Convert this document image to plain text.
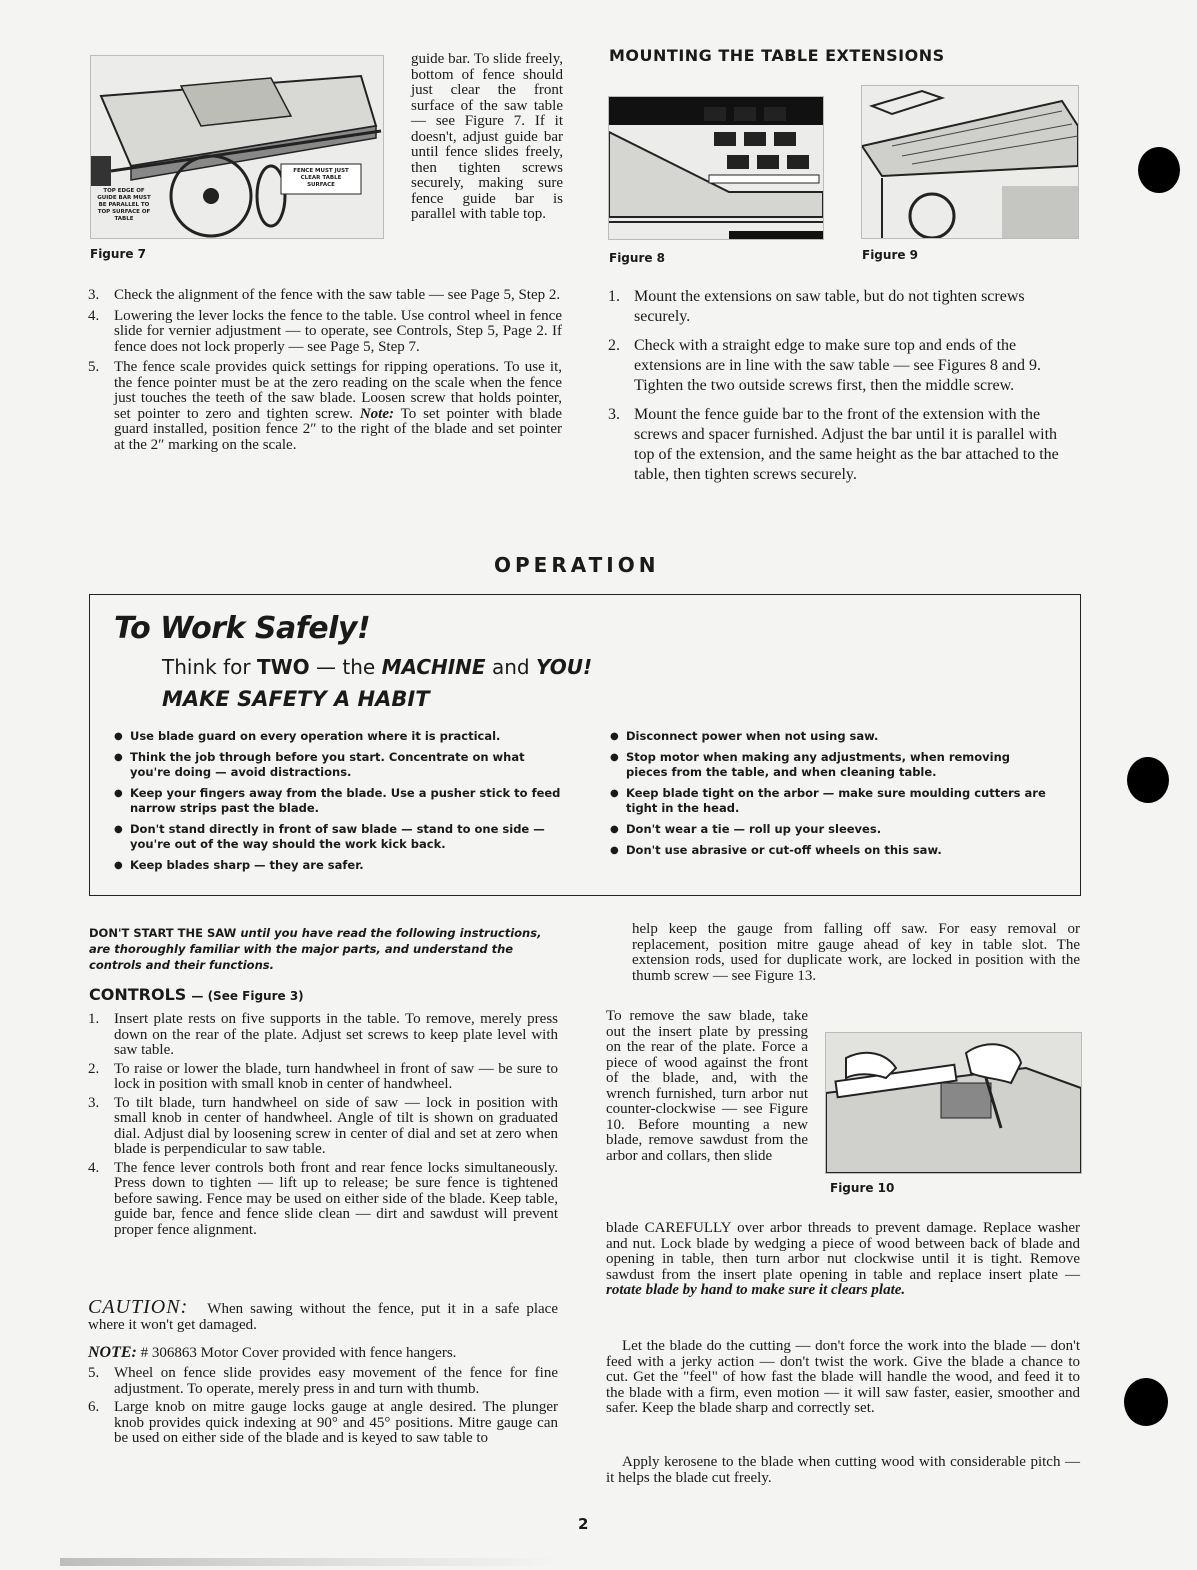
TOP EDGE OF GUIDE BAR MUST BE PARALLEL TO TOP SURFACE OF TABLE
FENCE MUST JUST CLEAR TABLE SURFACE
Figure 7
guide bar. To slide freely, bottom of fence should just clear the front surface of the saw table — see Figure 7. If it doesn't, adjust guide bar until fence slides freely, then tighten screws securely, making sure fence guide bar is parallel with table top.
3. Check the alignment of the fence with the saw table — see Page 5, Step 2.
4. Lowering the lever locks the fence to the table. Use control wheel in fence slide for vernier adjustment — to operate, see Controls, Step 5, Page 2. If fence does not lock properly — see Page 5, Step 7.
5. The fence scale provides quick settings for ripping operations. To use it, the fence pointer must be at the zero reading on the scale when the fence just touches the teeth of the saw blade. Loosen screw that holds pointer, set pointer to zero and tighten screw. Note: To set pointer with blade guard installed, position fence 2″ to the right of the blade and set pointer at the 2″ marking on the scale.
MOUNTING THE TABLE EXTENSIONS
Figure 8	Figure 9
1. Mount the extensions on saw table, but do not tighten screws securely.
2. Check with a straight edge to make sure top and ends of the extensions are in line with the saw table — see Figures 8 and 9. Tighten the two outside screws first, then the middle screw.
3. Mount the fence guide bar to the front of the extension with the screws and spacer furnished. Adjust the bar until it is parallel with top of the extension, and the same height as the bar attached to the table, then tighten screws securely.
OPERATION
To Work Safely!
Think for TWO — the MACHINE and YOU!
MAKE SAFETY A HABIT
● Use blade guard on every operation where it is practical.
● Think the job through before you start. Concentrate on what you're doing — avoid distractions.
● Keep your fingers away from the blade. Use a pusher stick to feed narrow strips past the blade.
● Don't stand directly in front of saw blade — stand to one side — you're out of the way should the work kick back.
● Keep blades sharp — they are safer.
● Disconnect power when not using saw.
● Stop motor when making any adjustments, when removing pieces from the table, and when cleaning table.
● Keep blade tight on the arbor — make sure moulding cutters are tight in the head.
● Don't wear a tie — roll up your sleeves.
● Don't use abrasive or cut-off wheels on this saw.
DON'T START THE SAW until you have read the following instructions, are thoroughly familiar with the major parts, and understand the controls and their functions.
CONTROLS — (See Figure 3)
1. Insert plate rests on five supports in the table. To remove, merely press down on the rear of the plate. Adjust set screws to keep plate level with saw table.
2. To raise or lower the blade, turn handwheel in front of saw — be sure to lock in position with small knob in center of handwheel.
3. To tilt blade, turn handwheel on side of saw — lock in position with small knob in center of handwheel. Angle of tilt is shown on graduated dial. Adjust dial by loosening screw in center of dial and set at zero when blade is perpendicular to saw table.
4. The fence lever controls both front and rear fence locks simultaneously. Press down to tighten — lift up to release; be sure fence is tightened before sawing. Fence may be used on either side of the blade. Keep table, guide bar, fence and fence slide clean — dirt and sawdust will prevent proper fence alignment.
CAUTION: When sawing without the fence, put it in a safe place where it won't get damaged.
NOTE: # 306863 Motor Cover provided with fence hangers.
5. Wheel on fence slide provides easy movement of the fence for fine adjustment. To operate, merely press in and turn with thumb.
6. Large knob on mitre gauge locks gauge at angle desired. The plunger knob provides quick indexing at 90° and 45° positions. Mitre gauge can be used on either side of the blade and is keyed to saw table to
help keep the gauge from falling off saw. For easy removal or replacement, position mitre gauge ahead of key in table slot. The extension rods, used for duplicate work, are locked in position with the thumb screw — see Figure 13.
To remove the saw blade, take out the insert plate by pressing on the rear of the plate. Force a piece of wood against the front of the blade, and, with the wrench furnished, turn arbor nut counter-clockwise — see Figure 10. Before mounting a new blade, remove sawdust from the arbor and collars, then slide
Figure 10
blade CAREFULLY over arbor threads to prevent damage. Replace washer and nut. Lock blade by wedging a piece of wood between back of blade and opening in table, then turn arbor nut clockwise until it is tight. Remove sawdust from the insert plate opening in table and replace insert plate — rotate blade by hand to make sure it clears plate.
Let the blade do the cutting — don't force the work into the blade — don't feed with a jerky action — don't twist the work. Give the blade a chance to cut. Get the "feel" of how fast the blade will handle the wood, and feed it to the blade with a firm, even motion — it will saw faster, easier, smoother and safer. Keep the blade sharp and correctly set.
Apply kerosene to the blade when cutting wood with considerable pitch — it helps the blade cut freely.
2
